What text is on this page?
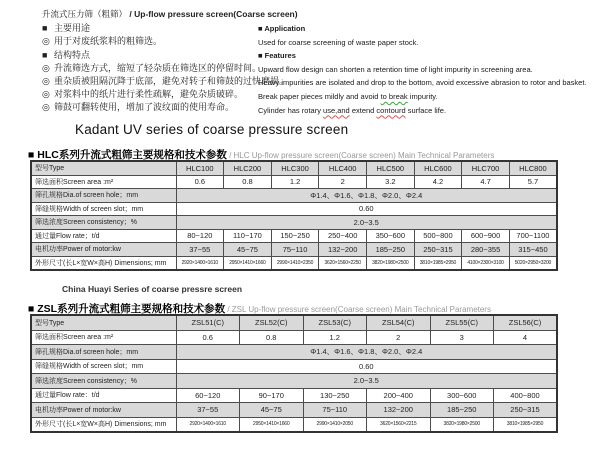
升流式压力筛（粗筛） / Up-flow pressure screen(Coarse screen)
■ 主要用途
◎ 用于对废纸浆料的粗筛选。
■ 结构特点
◎ 升流筛选方式，缩短了轻杂质在筛选区的停留时间。
◎ 重杂质被阻隔沉降于底部，避免对转子和筛鼓的过快磨损。
◎ 对浆料中的纸片进行柔性疏解，避免杂质破碎。
◎ 筛鼓可翻转使用，增加了波纹面的使用寿命。
■ Application
Used for coarse screening of waste paper stock.
■ Features
Upward flow design can shorten a retention time of light impurity in screening area.
Heavy impurities are isolated and drop to the bottom, avoid excessive abrasion to rotor and basket.
Break paper pieces mildly and avoid to break impurity.
Cylinder has rotary use,and extend contourd surface life.
Kadant UV series of coarse pressure screen
■ HLC系列升流式粗筛主要规格和技术参数 / HLC Up-flow pressure screen(Coarse screen) Main Technical Parameters
型号Type	HLC100	HLC200	HLC300	HLC400	HLC500	HLC600	HLC700	HLC800
筛选面积Screen area :m²	0.6	0.8	1.2	2	3.2	4.2	4.7	5.7
筛孔规格Dia.of screen hole；mm	Φ1.4、Φ1.6、Φ1.8、Φ2.0、Φ2.4							
筛缝规格Width of screen slot；mm	0.60							
筛选浓度Screen consistency；%	2.0~3.5							
通过量Flow rate；t/d	80~120	110~170	150~250	250~400	350~600	500~800	600~900	700~1100
电机功率Power of motor:kw	37~55	45~75	75~110	132~200	185~250	250~315	280~355	315~450
外形尺寸(长L×宽W×高H) Dimensions; mm	2920×1400×1610	2950×1410×1660	2990×1410×2350	3620×1560×2250	3820×1980×2500	3810×1985×2950	4100×2300×3100	5020×2950×3200
China Huayi Series of coarse pressre screen
■ ZSL系列升流式粗筛主要规格和技术参数 / ZSL Up-flow pressure screen(Coarse screen) Main Technical Parameters
型号Type	ZSL51(C)	ZSL52(C)	ZSL53(C)	ZSL54(C)	ZSL55(C)	ZSL56(C)
筛选面积Screen area :m²	0.6	0.8	1.2	2	3	4
筛孔规格Dia.of screen hole；mm	Φ1.4、Φ1.6、Φ1.8、Φ2.0、Φ2.4					
筛缝规格Width of screen slot；mm	0.60					
筛选浓度Screen consistency；%	2.0~3.5					
通过量Flow rate：t/d	60~120	90~170	130~250	200~400	300~600	400~800
电机功率Power of motor:kw	37~55	45~75	75~110	132~200	185~250	250~315
外形尺寸(长L×宽W×高H) Dimensions; mm	2920×1400×1610	2950×1410×1660	2990×1410×2050	3620×1560×2215	3820×1980×2500	3810×1985×2950
